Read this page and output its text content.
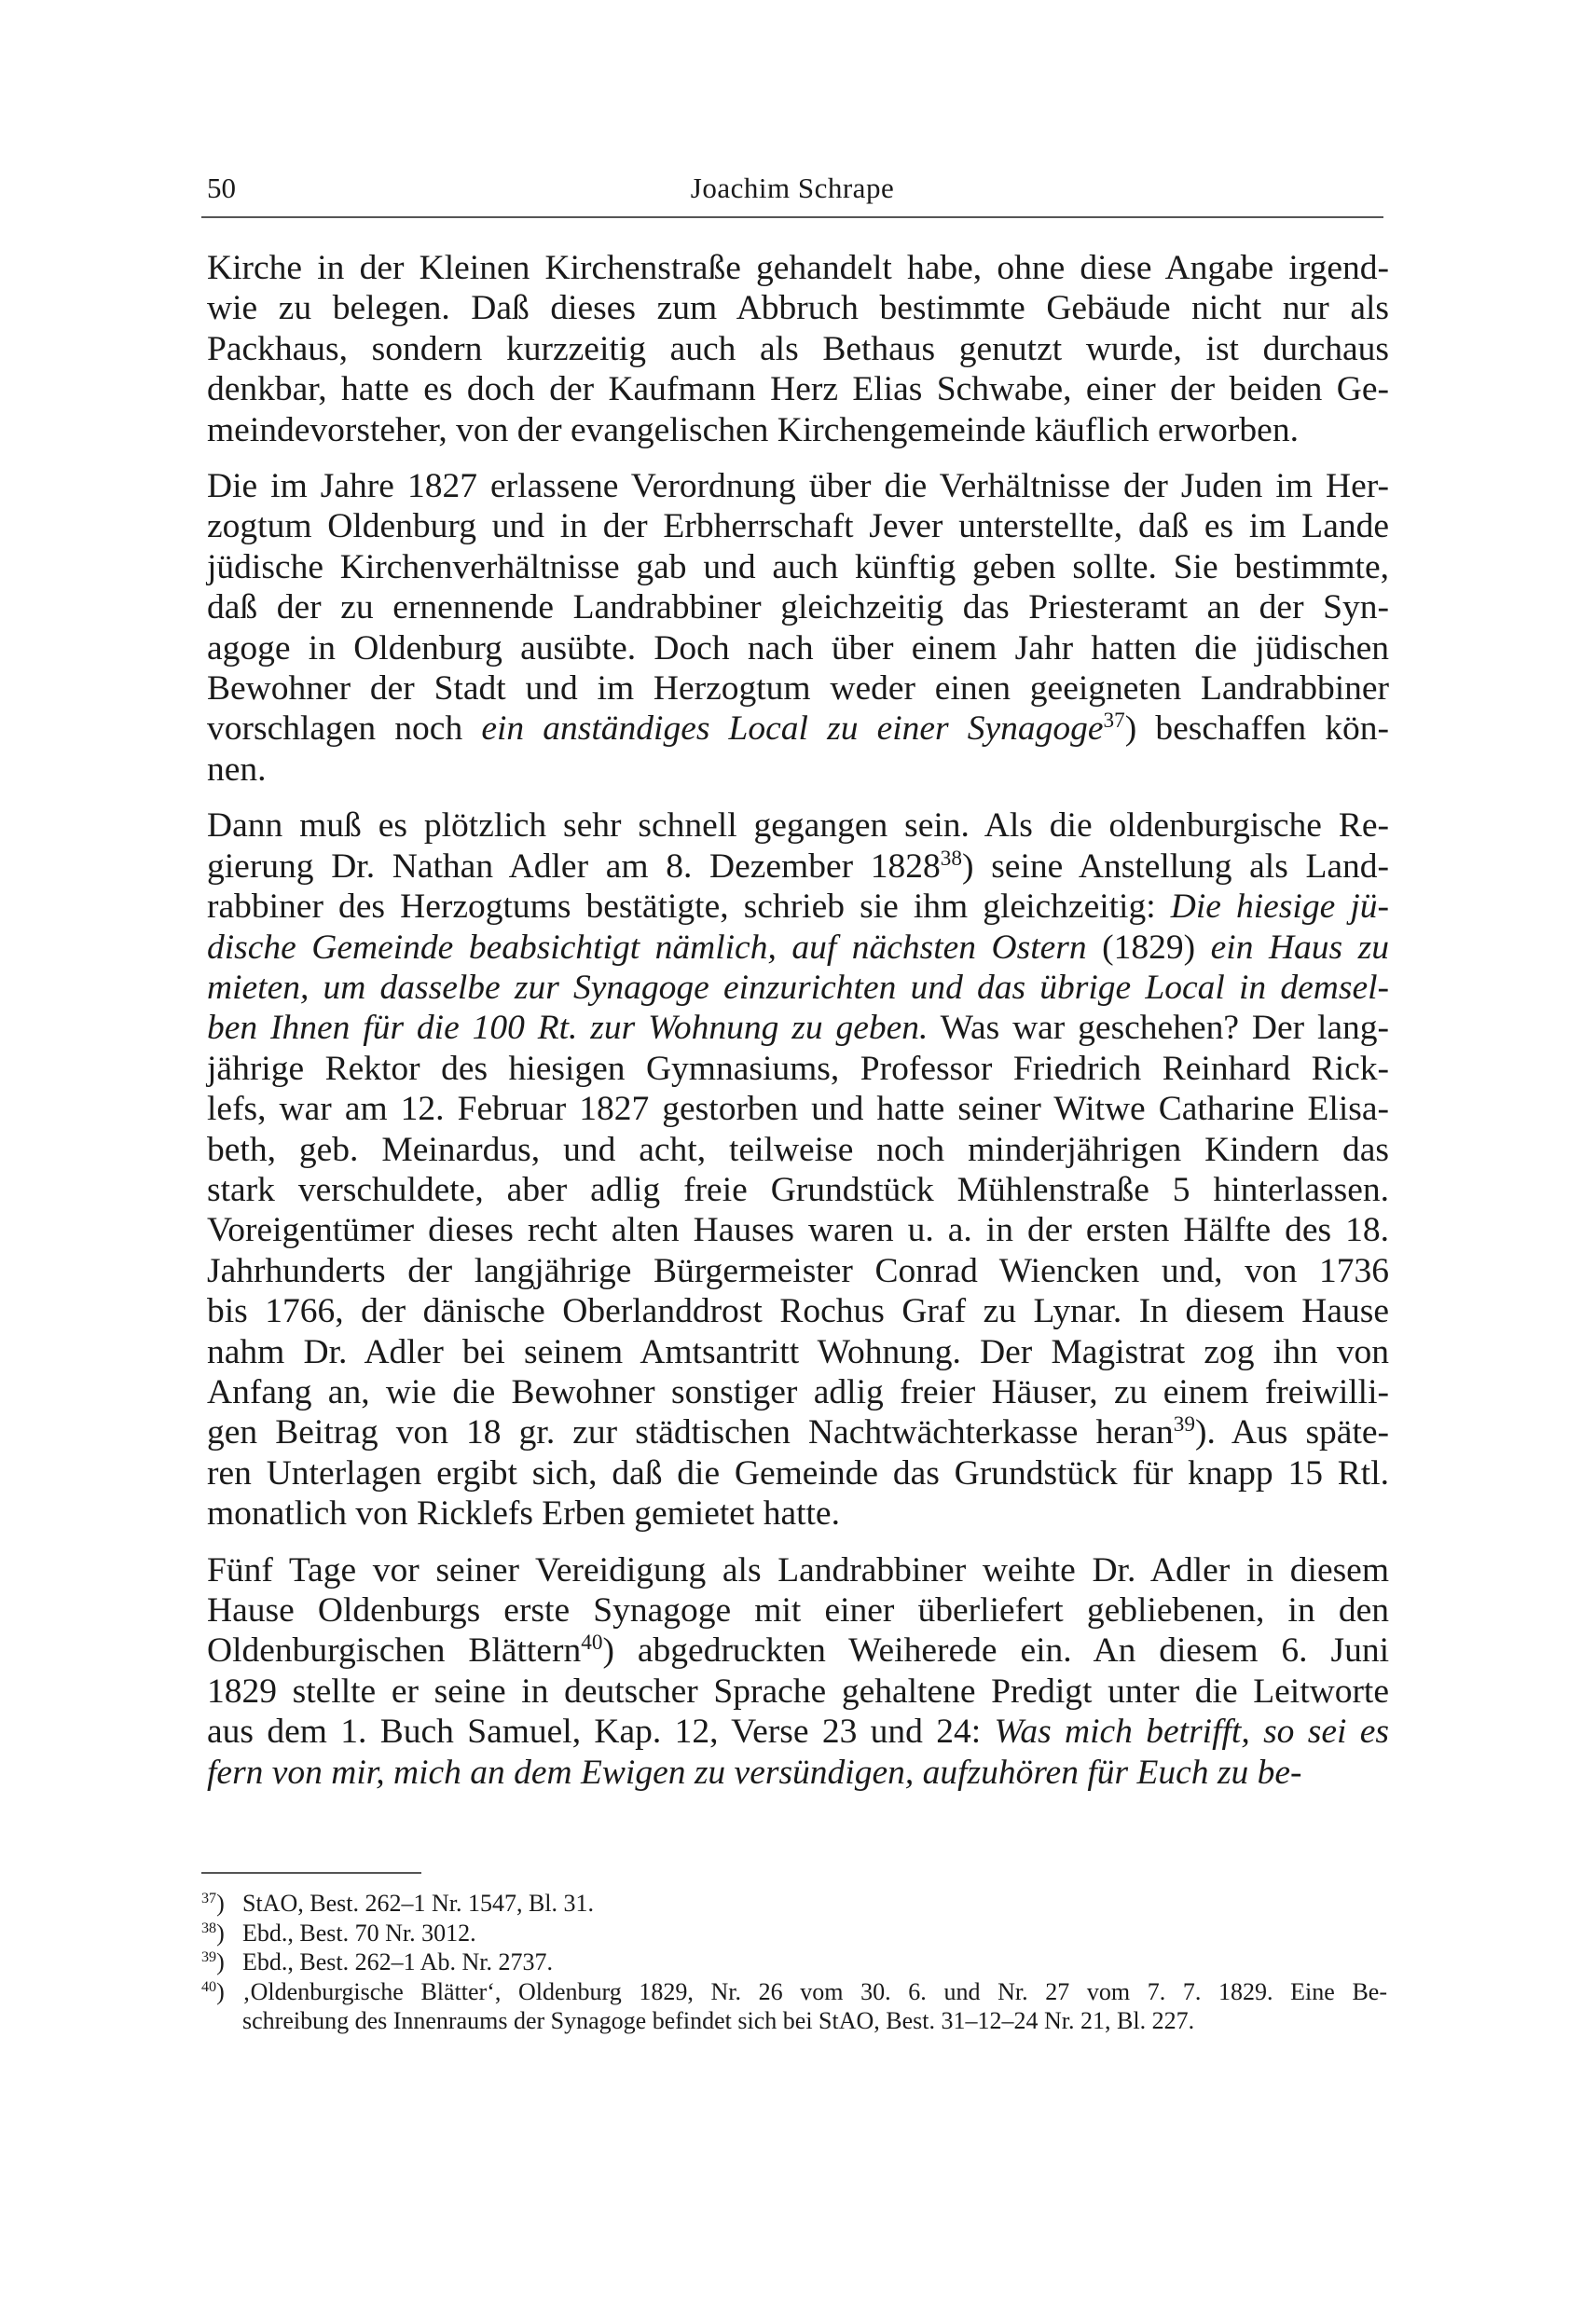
50	Joachim Schrape

Kirche in der Kleinen Kirchenstraße gehandelt habe, ohne diese Angabe irgend-
wie zu belegen. Daß dieses zum Abbruch bestimmte Gebäude nicht nur als
Packhaus, sondern kurzzeitig auch als Bethaus genutzt wurde, ist durchaus
denkbar, hatte es doch der Kaufmann Herz Elias Schwabe, einer der beiden Ge-
meindevorsteher, von der evangelischen Kirchengemeinde käuflich erworben.

Die im Jahre 1827 erlassene Verordnung über die Verhältnisse der Juden im Her-
zogtum Oldenburg und in der Erbherrschaft Jever unterstellte, daß es im Lande
jüdische Kirchenverhältnisse gab und auch künftig geben sollte. Sie bestimmte,
daß der zu ernennende Landrabbiner gleichzeitig das Priesteramt an der Syn-
agoge in Oldenburg ausübte. Doch nach über einem Jahr hatten die jüdischen
Bewohner der Stadt und im Herzogtum weder einen geeigneten Landrabbiner
vorschlagen noch ein anständiges Local zu einer Synagoge$^{37}$) beschaffen kön-
nen.

Dann muß es plötzlich sehr schnell gegangen sein. Als die oldenburgische Re-
gierung Dr. Nathan Adler am 8. Dezember 1828$^{38}$) seine Anstellung als Land-
rabbiner des Herzogtums bestätigte, schrieb sie ihm gleichzeitig: Die hiesige jü-
dische Gemeinde beabsichtigt nämlich, auf nächsten Ostern (1829) ein Haus zu
mieten, um dasselbe zur Synagoge einzurichten und das übrige Local in demsel-
ben Ihnen für die 100 Rt. zur Wohnung zu geben. Was war geschehen? Der lang-
jährige Rektor des hiesigen Gymnasiums, Professor Friedrich Reinhard Rick-
lefs, war am 12. Februar 1827 gestorben und hatte seiner Witwe Catharine Elisa-
beth, geb. Meinardus, und acht, teilweise noch minderjährigen Kindern das
stark verschuldete, aber adlig freie Grundstück Mühlenstraße 5 hinterlassen.
Voreigentümer dieses recht alten Hauses waren u. a. in der ersten Hälfte des 18.
Jahrhunderts der langjährige Bürgermeister Conrad Wiencken und, von 1736
bis 1766, der dänische Oberlanddrost Rochus Graf zu Lynar. In diesem Hause
nahm Dr. Adler bei seinem Amtsantritt Wohnung. Der Magistrat zog ihn von
Anfang an, wie die Bewohner sonstiger adlig freier Häuser, zu einem freiwilli-
gen Beitrag von 18 gr. zur städtischen Nachtwächterkasse heran$^{39}$). Aus späte-
ren Unterlagen ergibt sich, daß die Gemeinde das Grundstück für knapp 15 Rtl.
monatlich von Ricklefs Erben gemietet hatte.

Fünf Tage vor seiner Vereidigung als Landrabbiner weihte Dr. Adler in diesem
Hause Oldenburgs erste Synagoge mit einer überliefert gebliebenen, in den
Oldenburgischen Blättern$^{40}$) abgedruckten Weiherede ein. An diesem 6. Juni
1829 stellte er seine in deutscher Sprache gehaltene Predigt unter die Leitworte
aus dem 1. Buch Samuel, Kap. 12, Verse 23 und 24: Was mich betrifft, so sei es
fern von mir, mich an dem Ewigen zu versündigen, aufzuhören für Euch zu be-

$^{37}$) StAO, Best. 262–1 Nr. 1547, Bl. 31.
$^{38}$) Ebd., Best. 70 Nr. 3012.
$^{39}$) Ebd., Best. 262–1 Ab. Nr. 2737.
$^{40}$) ‚Oldenburgische Blätter‘, Oldenburg 1829, Nr. 26 vom 30. 6. und Nr. 27 vom 7. 7. 1829. Eine Be-
schreibung des Innenraums der Synagoge befindet sich bei StAO, Best. 31–12–24 Nr. 21, Bl. 227.
